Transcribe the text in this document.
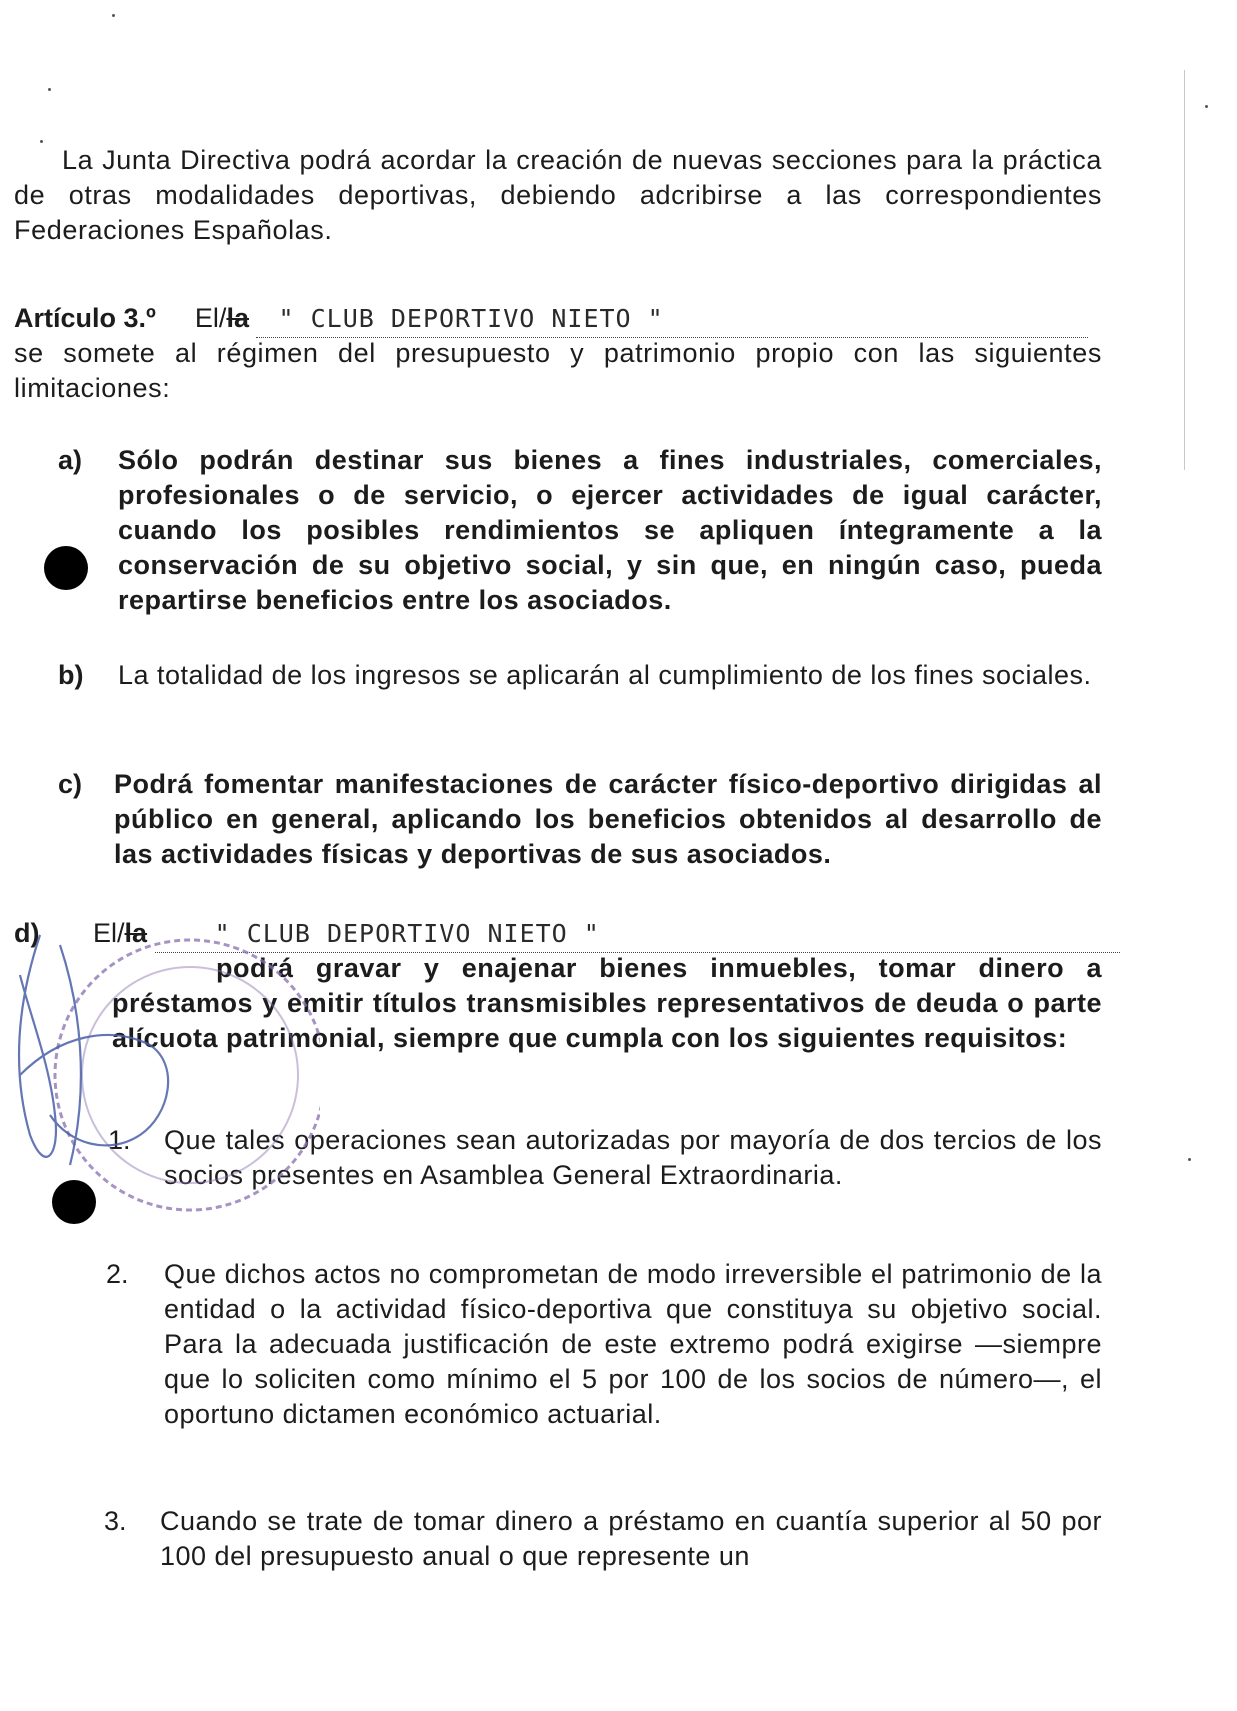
La Junta Directiva podrá acordar la creación de nuevas secciones para la práctica de otras modalidades deportivas, debiendo adcribirse a las correspondientes Federaciones Españolas.

Artículo 3.º El/la " CLUB DEPORTIVO NIETO "

se somete al régimen del presupuesto y patrimonio propio con las siguientes limitaciones:

a) Sólo podrán destinar sus bienes a fines industriales, comerciales, profesionales o de servicio, o ejercer actividades de igual carácter, cuando los posibles rendimientos se apliquen íntegramente a la conservación de su objetivo social, y sin que, en ningún caso, pueda repartirse beneficios entre los asociados.

b) La totalidad de los ingresos se aplicarán al cumplimiento de los fines sociales.

c) Podrá fomentar manifestaciones de carácter físico-deportivo dirigidas al público en general, aplicando los beneficios obtenidos al desarrollo de las actividades físicas y deportivas de sus asociados.

d) El/la	" CLUB DEPORTIVO NIETO "

podrá gravar y enajenar bienes inmuebles, tomar dinero a préstamos y emitir títulos transmisibles representativos de deuda o parte alícuota patrimonial, siempre que cumpla con los siguientes requisitos:

1. Que tales operaciones sean autorizadas por mayoría de dos tercios de los socios presentes en Asamblea General Extraordinaria.

2. Que dichos actos no comprometan de modo irreversible el patrimonio de la entidad o la actividad físico-deportiva que constituya su objetivo social. Para la adecuada justificación de este extremo podrá exigirse —siempre que lo soliciten como mínimo el 5 por 100 de los socios de número—, el oportuno dictamen económico actuarial.

3. Cuando se trate de tomar dinero a préstamo en cuantía superior al 50 por 100 del presupuesto anual o que represente un
